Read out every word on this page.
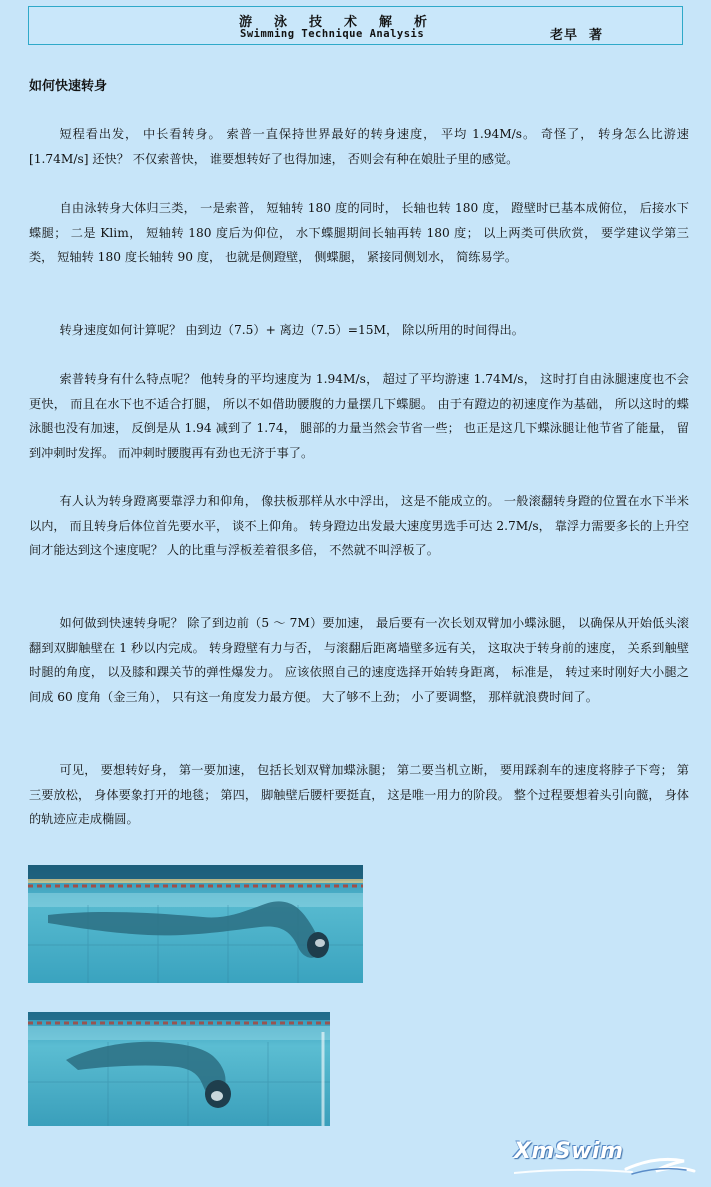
游泳技术解析
Swimming Technique Analysis	老早  著
如何快速转身

短程看出发， 中长看转身。 索普一直保持世界最好的转身速度， 平均 1.94M/s。 奇怪了， 转身怎么比游速 [1.74M/s] 还快？ 不仅索普快， 谁要想转好了也得加速， 否则会有种在娘肚子里的感觉。

自由泳转身大体归三类， 一是索普， 短轴转 180 度的同时， 长轴也转 180 度， 蹬壁时已基本成俯位， 后接水下蝶腿； 二是 Klim， 短轴转 180 度后为仰位， 水下蝶腿期间长轴再转 180 度； 以上两类可供欣赏， 要学建议学第三类， 短轴转 180 度长轴转 90 度， 也就是侧蹬壁， 侧蝶腿， 紧接同侧划水， 简练易学。

转身速度如何计算呢？ 由到边（7.5）+ 离边（7.5）=15M， 除以所用的时间得出。

索普转身有什么特点呢？ 他转身的平均速度为 1.94M/s， 超过了平均游速 1.74M/s， 这时打自由泳腿速度也不会更快， 而且在水下也不适合打腿， 所以不如借助腰腹的力量摆几下蝶腿。 由于有蹬边的初速度作为基础， 所以这时的蝶泳腿也没有加速， 反倒是从 1.94 减到了 1.74， 腿部的力量当然会节省一些； 也正是这几下蝶泳腿让他节省了能量， 留到冲刺时发挥。 而冲刺时腰腹再有劲也无济于事了。

有人认为转身蹬离要靠浮力和仰角， 像扶板那样从水中浮出， 这是不能成立的。 一般滚翻转身蹬的位置在水下半米以内， 而且转身后体位首先要水平， 谈不上仰角。 转身蹬边出发最大速度男选手可达 2.7M/s， 靠浮力需要多长的上升空间才能达到这个速度呢？ 人的比重与浮板差着很多倍， 不然就不叫浮板了。

如何做到快速转身呢？ 除了到边前（5 ～ 7M）要加速， 最后要有一次长划双臂加小蝶泳腿， 以确保从开始低头滚翻到双脚触壁在 1 秒以内完成。 转身蹬壁有力与否， 与滚翻后距离墙壁多远有关， 这取决于转身前的速度， 关系到触壁时腿的角度， 以及膝和踝关节的弹性爆发力。 应该依照自己的速度选择开始转身距离， 标准是， 转过来时刚好大小腿之间成 60 度角（金三角）， 只有这一角度发力最方便。 大了够不上劲； 小了要调整， 那样就浪费时间了。

可见， 要想转好身， 第一要加速， 包括长划双臂加蝶泳腿； 第二要当机立断， 要用踩刹车的速度将脖子下弯； 第三要放松， 身体要象打开的地毯； 第四， 脚触壁后腰杆要挺直， 这是唯一用力的阶段。 整个过程要想着头引向髋， 身体的轨迹应走成椭圆。

XmSwim
